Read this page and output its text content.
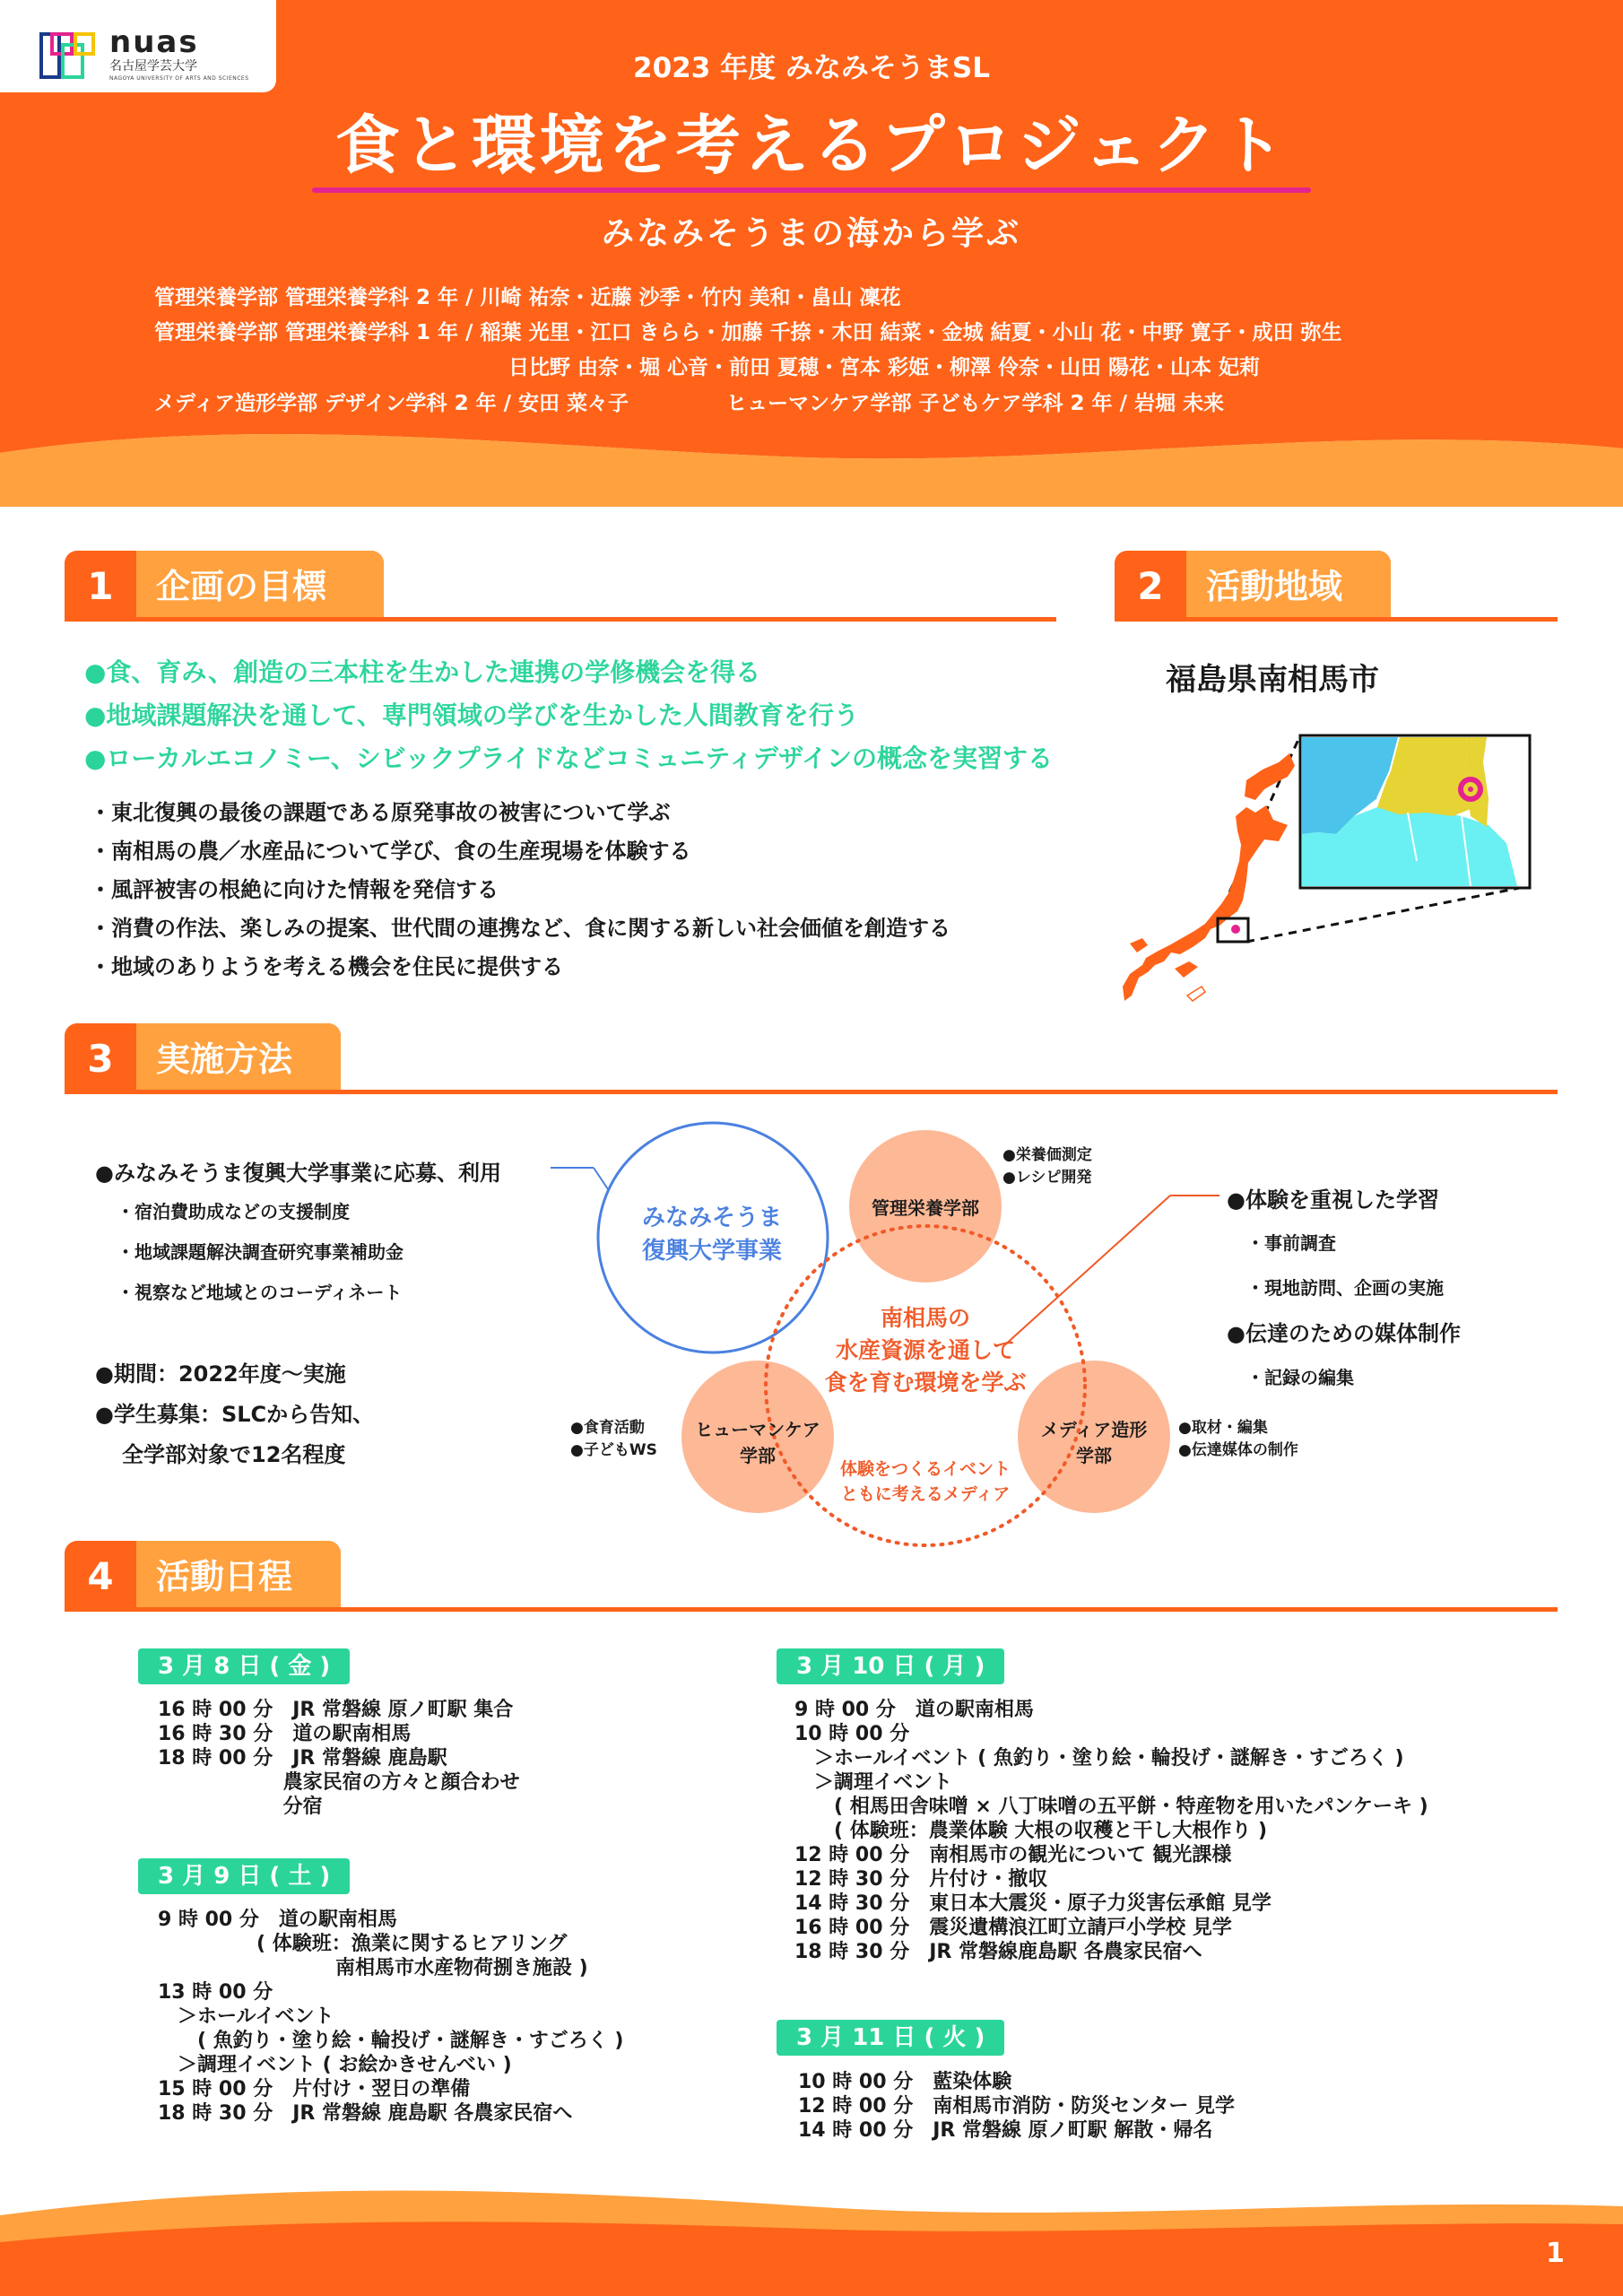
nuas
名古屋学芸大学
NAGOYA UNIVERSITY OF ARTS AND SCIENCES	2023 年度 みなみそうまSL
食と環境を考えるプロジェクト
みなみそうまの海から学ぶ
管理栄養学部 管理栄養学科 2 年 / 川崎 祐奈・近藤 沙季・竹内 美和・畠山 凜花
管理栄養学部 管理栄養学科 1 年 / 稲葉 光里・江口 きらら・加藤 千捺・木田 結菜・金城 結夏・小山 花・中野 寛子・成田 弥生
日比野 由奈・堀 心音・前田 夏穂・宮本 彩姫・柳澤 伶奈・山田 陽花・山本 妃莉
メディア造形学部 デザイン学科 2 年 / 安田 菜々子	ヒューマンケア学部 子どもケア学科 2 年 / 岩堀 未来
1	企画の目標
●食、育み、創造の三本柱を生かした連携の学修機会を得る
●地域課題解決を通して、専門領域の学びを生かした人間教育を行う
●ローカルエコノミー、シビックプライドなどコミュニティデザインの概念を実習する
・東北復興の最後の課題である原発事故の被害について学ぶ
・南相馬の農／水産品について学び、食の生産現場を体験する
・風評被害の根絶に向けた情報を発信する
・消費の作法、楽しみの提案、世代間の連携など、食に関する新しい社会価値を創造する
・地域のありようを考える機会を住民に提供する
2	活動地域
福島県南相馬市
3	実施方法
●みなみそうま復興大学事業に応募、利用
・宿泊費助成などの支援制度
・地域課題解決調査研究事業補助金
・視察など地域とのコーディネート
●期間：2022年度〜実施
●学生募集：SLCから告知、
全学部対象で12名程度
みなみそうま
復興大学事業
管理栄養学部
ヒューマンケア
学部
メディア造形
学部
南相馬の
水産資源を通して
食を育む環境を学ぶ
体験をつくるイベント
ともに考えるメディア
●栄養価測定
●レシピ開発
●食育活動
●子どもWS
●取材・編集
●伝達媒体の制作
●体験を重視した学習
・事前調査
・現地訪問、企画の実施
●伝達のための媒体制作
・記録の編集
4	活動日程
3 月 8 日 ( 金 )
16 時 00 分　JR 常磐線 原ノ町駅 集合
16 時 30 分　道の駅南相馬
18 時 00 分　JR 常磐線 鹿島駅
　　　　　　 農家民宿の方々と顔合わせ
　　　　　　 分宿
3 月 9 日 ( 土 )
9 時 00 分　道の駅南相馬
　　　　　( 体験班：漁業に関するヒアリング
　　　　　　　　　南相馬市水産物荷捌き施設 )
13 時 00 分
　＞ホールイベント
　　( 魚釣り・塗り絵・輪投げ・謎解き・すごろく )
　＞調理イベント ( お絵かきせんべい )
15 時 00 分　片付け・翌日の準備
18 時 30 分　JR 常磐線 鹿島駅 各農家民宿へ
3 月 10 日 ( 月 )
9 時 00 分　道の駅南相馬
10 時 00 分
　＞ホールイベント ( 魚釣り・塗り絵・輪投げ・謎解き・すごろく )
　＞調理イベント
　　( 相馬田舎味噌 × 八丁味噌の五平餅・特産物を用いたパンケーキ )
　　( 体験班：農業体験 大根の収穫と干し大根作り )
12 時 00 分　南相馬市の観光について 観光課様
12 時 30 分　片付け・撤収
14 時 30 分　東日本大震災・原子力災害伝承館 見学
16 時 00 分　震災遺構浪江町立請戸小学校 見学
18 時 30 分　JR 常磐線鹿島駅 各農家民宿へ
3 月 11 日 ( 火 )
10 時 00 分　藍染体験
12 時 00 分　南相馬市消防・防災センター 見学
14 時 00 分　JR 常磐線 原ノ町駅 解散・帰名
1
